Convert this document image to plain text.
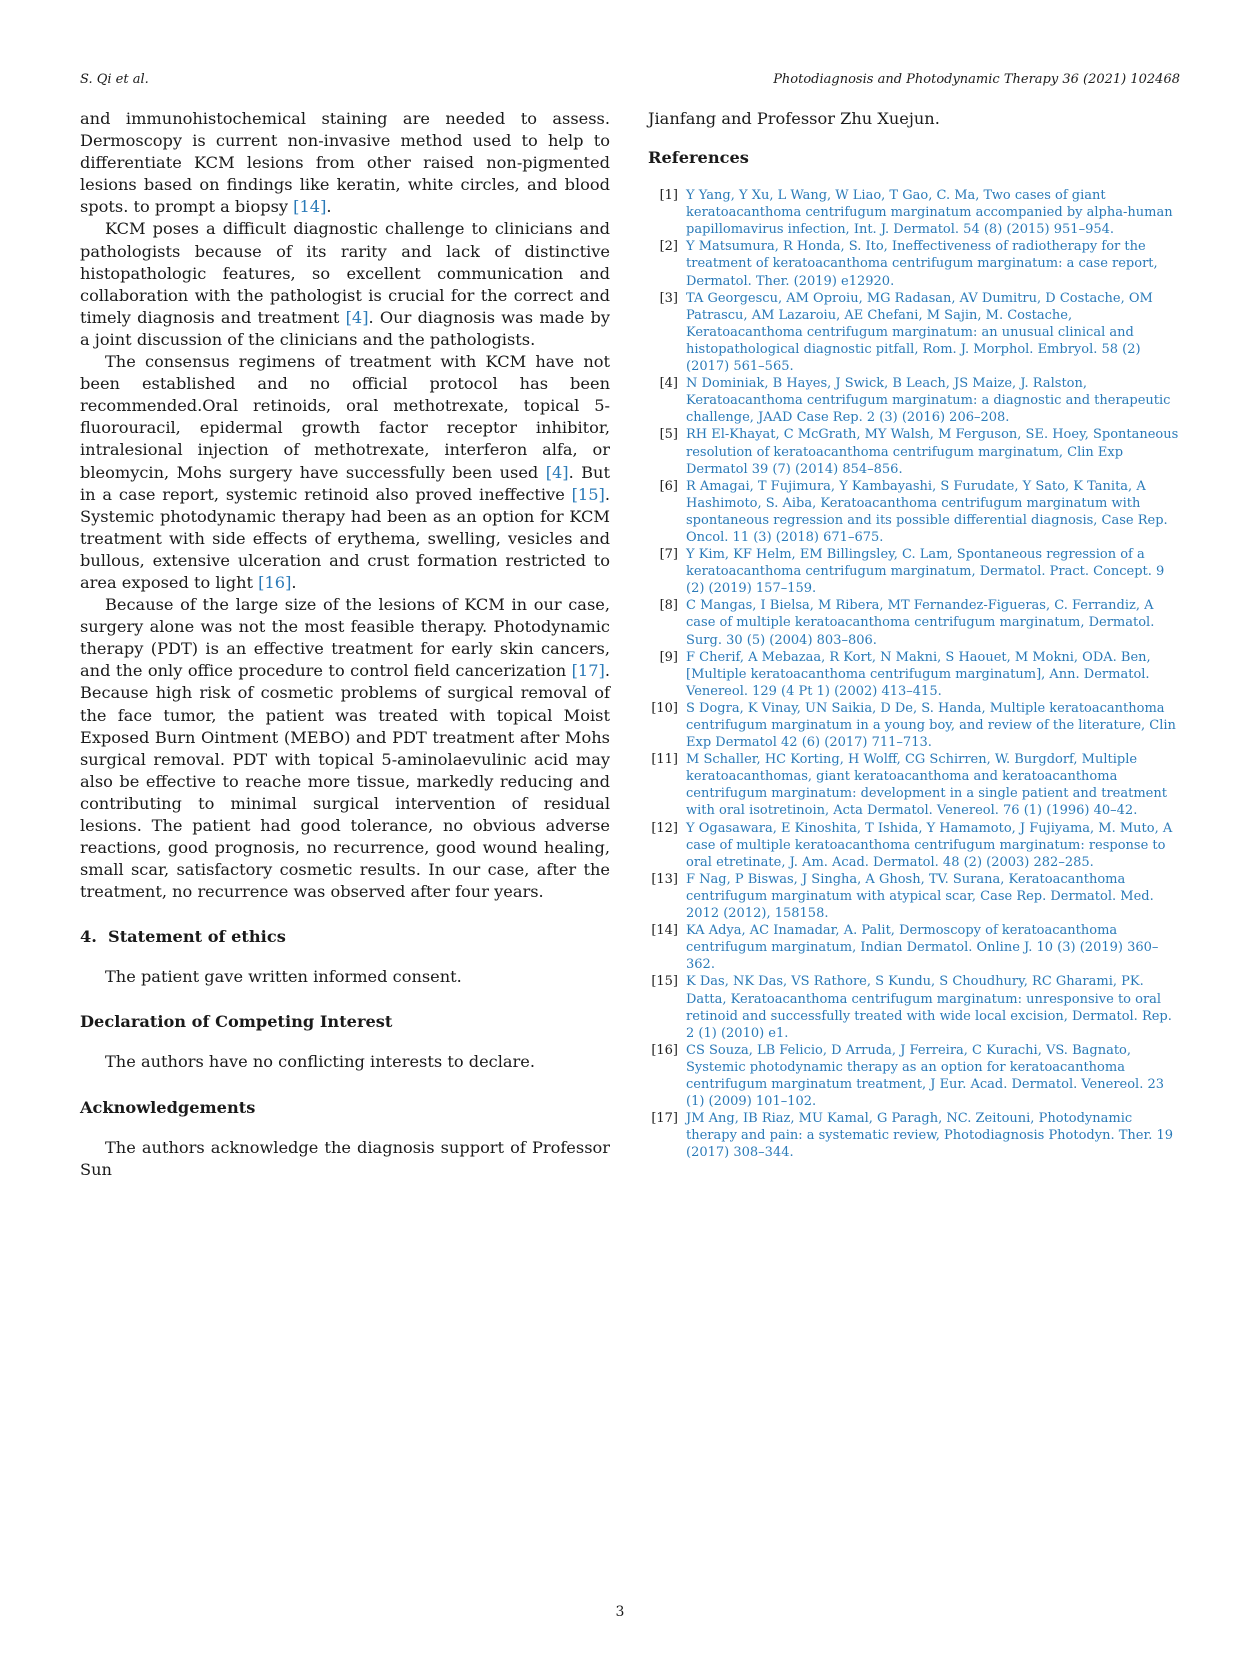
S. Qi et al.	Photodiagnosis and Photodynamic Therapy 36 (2021) 102468

and immunohistochemical staining are needed to assess. Dermoscopy is current non-invasive method used to help to differentiate KCM lesions from other raised non-pigmented lesions based on findings like keratin, white circles, and blood spots. to prompt a biopsy [14].

KCM poses a difficult diagnostic challenge to clinicians and pathologists because of its rarity and lack of distinctive histopathologic features, so excellent communication and collaboration with the pathologist is crucial for the correct and timely diagnosis and treatment [4]. Our diagnosis was made by a joint discussion of the clinicians and the pathologists.

The consensus regimens of treatment with KCM have not been established and no official protocol has been recommended.Oral retinoids, oral methotrexate, topical 5-fluorouracil, epidermal growth factor receptor inhibitor, intralesional injection of methotrexate, interferon alfa, or bleomycin, Mohs surgery have successfully been used [4]. But in a case report, systemic retinoid also proved ineffective [15]. Systemic photodynamic therapy had been as an option for KCM treatment with side effects of erythema, swelling, vesicles and bullous, extensive ulceration and crust formation restricted to area exposed to light [16].

Because of the large size of the lesions of KCM in our case, surgery alone was not the most feasible therapy. Photodynamic therapy (PDT) is an effective treatment for early skin cancers, and the only office procedure to control field cancerization [17]. Because high risk of cosmetic problems of surgical removal of the face tumor, the patient was treated with topical Moist Exposed Burn Ointment (MEBO) and PDT treatment after Mohs surgical removal. PDT with topical 5-aminolaevulinic acid may also be effective to reache more tissue, markedly reducing and contributing to minimal surgical intervention of residual lesions. The patient had good tolerance, no obvious adverse reactions, good prognosis, no recurrence, good wound healing, small scar, satisfactory cosmetic results. In our case, after the treatment, no recurrence was observed after four years.

4. Statement of ethics

The patient gave written informed consent.

Declaration of Competing Interest

The authors have no conflicting interests to declare.

Acknowledgements

The authors acknowledge the diagnosis support of Professor Sun

Jianfang and Professor Zhu Xuejun.

References
[1] Y Yang, Y Xu, L Wang, W Liao, T Gao, C. Ma, Two cases of giant keratoacanthoma centrifugum marginatum accompanied by alpha-human papillomavirus infection, Int. J. Dermatol. 54 (8) (2015) 951–954.
[2] Y Matsumura, R Honda, S. Ito, Ineffectiveness of radiotherapy for the treatment of keratoacanthoma centrifugum marginatum: a case report, Dermatol. Ther. (2019) e12920.
[3] TA Georgescu, AM Oproiu, MG Radasan, AV Dumitru, D Costache, OM Patrascu, AM Lazaroiu, AE Chefani, M Sajin, M. Costache, Keratoacanthoma centrifugum marginatum: an unusual clinical and histopathological diagnostic pitfall, Rom. J. Morphol. Embryol. 58 (2) (2017) 561–565.
[4] N Dominiak, B Hayes, J Swick, B Leach, JS Maize, J. Ralston, Keratoacanthoma centrifugum marginatum: a diagnostic and therapeutic challenge, JAAD Case Rep. 2 (3) (2016) 206–208.
[5] RH El-Khayat, C McGrath, MY Walsh, M Ferguson, SE. Hoey, Spontaneous resolution of keratoacanthoma centrifugum marginatum, Clin Exp Dermatol 39 (7) (2014) 854–856.
[6] R Amagai, T Fujimura, Y Kambayashi, S Furudate, Y Sato, K Tanita, A Hashimoto, S. Aiba, Keratoacanthoma centrifugum marginatum with spontaneous regression and its possible differential diagnosis, Case Rep. Oncol. 11 (3) (2018) 671–675.
[7] Y Kim, KF Helm, EM Billingsley, C. Lam, Spontaneous regression of a keratoacanthoma centrifugum marginatum, Dermatol. Pract. Concept. 9 (2) (2019) 157–159.
[8] C Mangas, I Bielsa, M Ribera, MT Fernandez-Figueras, C. Ferrandiz, A case of multiple keratoacanthoma centrifugum marginatum, Dermatol. Surg. 30 (5) (2004) 803–806.
[9] F Cherif, A Mebazaa, R Kort, N Makni, S Haouet, M Mokni, ODA. Ben, [Multiple keratoacanthoma centrifugum marginatum], Ann. Dermatol. Venereol. 129 (4 Pt 1) (2002) 413–415.
[10] S Dogra, K Vinay, UN Saikia, D De, S. Handa, Multiple keratoacanthoma centrifugum marginatum in a young boy, and review of the literature, Clin Exp Dermatol 42 (6) (2017) 711–713.
[11] M Schaller, HC Korting, H Wolff, CG Schirren, W. Burgdorf, Multiple keratoacanthomas, giant keratoacanthoma and keratoacanthoma centrifugum marginatum: development in a single patient and treatment with oral isotretinoin, Acta Dermatol. Venereol. 76 (1) (1996) 40–42.
[12] Y Ogasawara, E Kinoshita, T Ishida, Y Hamamoto, J Fujiyama, M. Muto, A case of multiple keratoacanthoma centrifugum marginatum: response to oral etretinate, J. Am. Acad. Dermatol. 48 (2) (2003) 282–285.
[13] F Nag, P Biswas, J Singha, A Ghosh, TV. Surana, Keratoacanthoma centrifugum marginatum with atypical scar, Case Rep. Dermatol. Med. 2012 (2012), 158158.
[14] KA Adya, AC Inamadar, A. Palit, Dermoscopy of keratoacanthoma centrifugum marginatum, Indian Dermatol. Online J. 10 (3) (2019) 360–362.
[15] K Das, NK Das, VS Rathore, S Kundu, S Choudhury, RC Gharami, PK. Datta, Keratoacanthoma centrifugum marginatum: unresponsive to oral retinoid and successfully treated with wide local excision, Dermatol. Rep. 2 (1) (2010) e1.
[16] CS Souza, LB Felicio, D Arruda, J Ferreira, C Kurachi, VS. Bagnato, Systemic photodynamic therapy as an option for keratoacanthoma centrifugum marginatum treatment, J Eur. Acad. Dermatol. Venereol. 23 (1) (2009) 101–102.
[17] JM Ang, IB Riaz, MU Kamal, G Paragh, NC. Zeitouni, Photodynamic therapy and pain: a systematic review, Photodiagnosis Photodyn. Ther. 19 (2017) 308–344.
3
